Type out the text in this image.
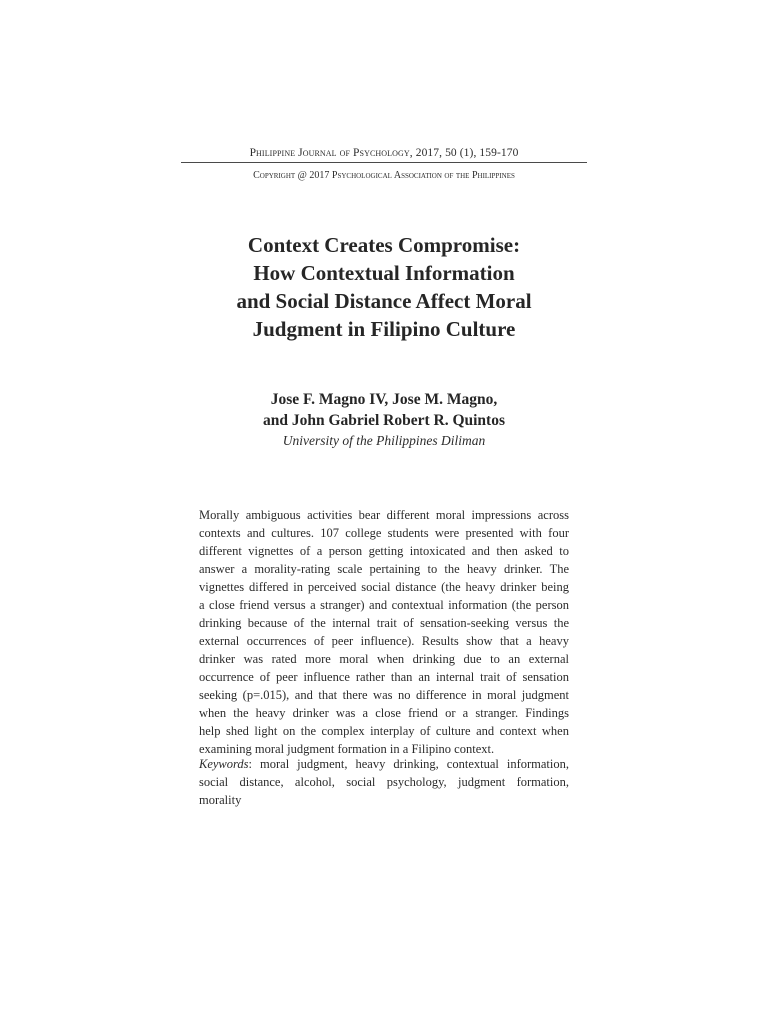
Philippine Journal of Psychology, 2017, 50 (1), 159-170
Copyright @ 2017 Psychological Association of the Philippines
Context Creates Compromise:
How Contextual Information
and Social Distance Affect Moral
Judgment in Filipino Culture
Jose F. Magno IV, Jose M. Magno,
and John Gabriel Robert R. Quintos
University of the Philippines Diliman
Morally ambiguous activities bear different moral impressions across
contexts and cultures. 107 college students were presented with four
different vignettes of a person getting intoxicated and then asked to
answer a morality-rating scale pertaining to the heavy drinker. The
vignettes differed in perceived social distance (the heavy drinker being
a close friend versus a stranger) and contextual information (the person
drinking because of the internal trait of sensation-seeking versus the
external occurrences of peer influence). Results show that a heavy
drinker was rated more moral when drinking due to an external
occurrence of peer influence rather than an internal trait of sensation
seeking (p=.015), and that there was no difference in moral judgment
when the heavy drinker was a close friend or a stranger. Findings
help shed light on the complex interplay of culture and context when
examining moral judgment formation in a Filipino context.
Keywords: moral judgment, heavy drinking, contextual information,
social distance, alcohol, social psychology, judgment formation,
morality
